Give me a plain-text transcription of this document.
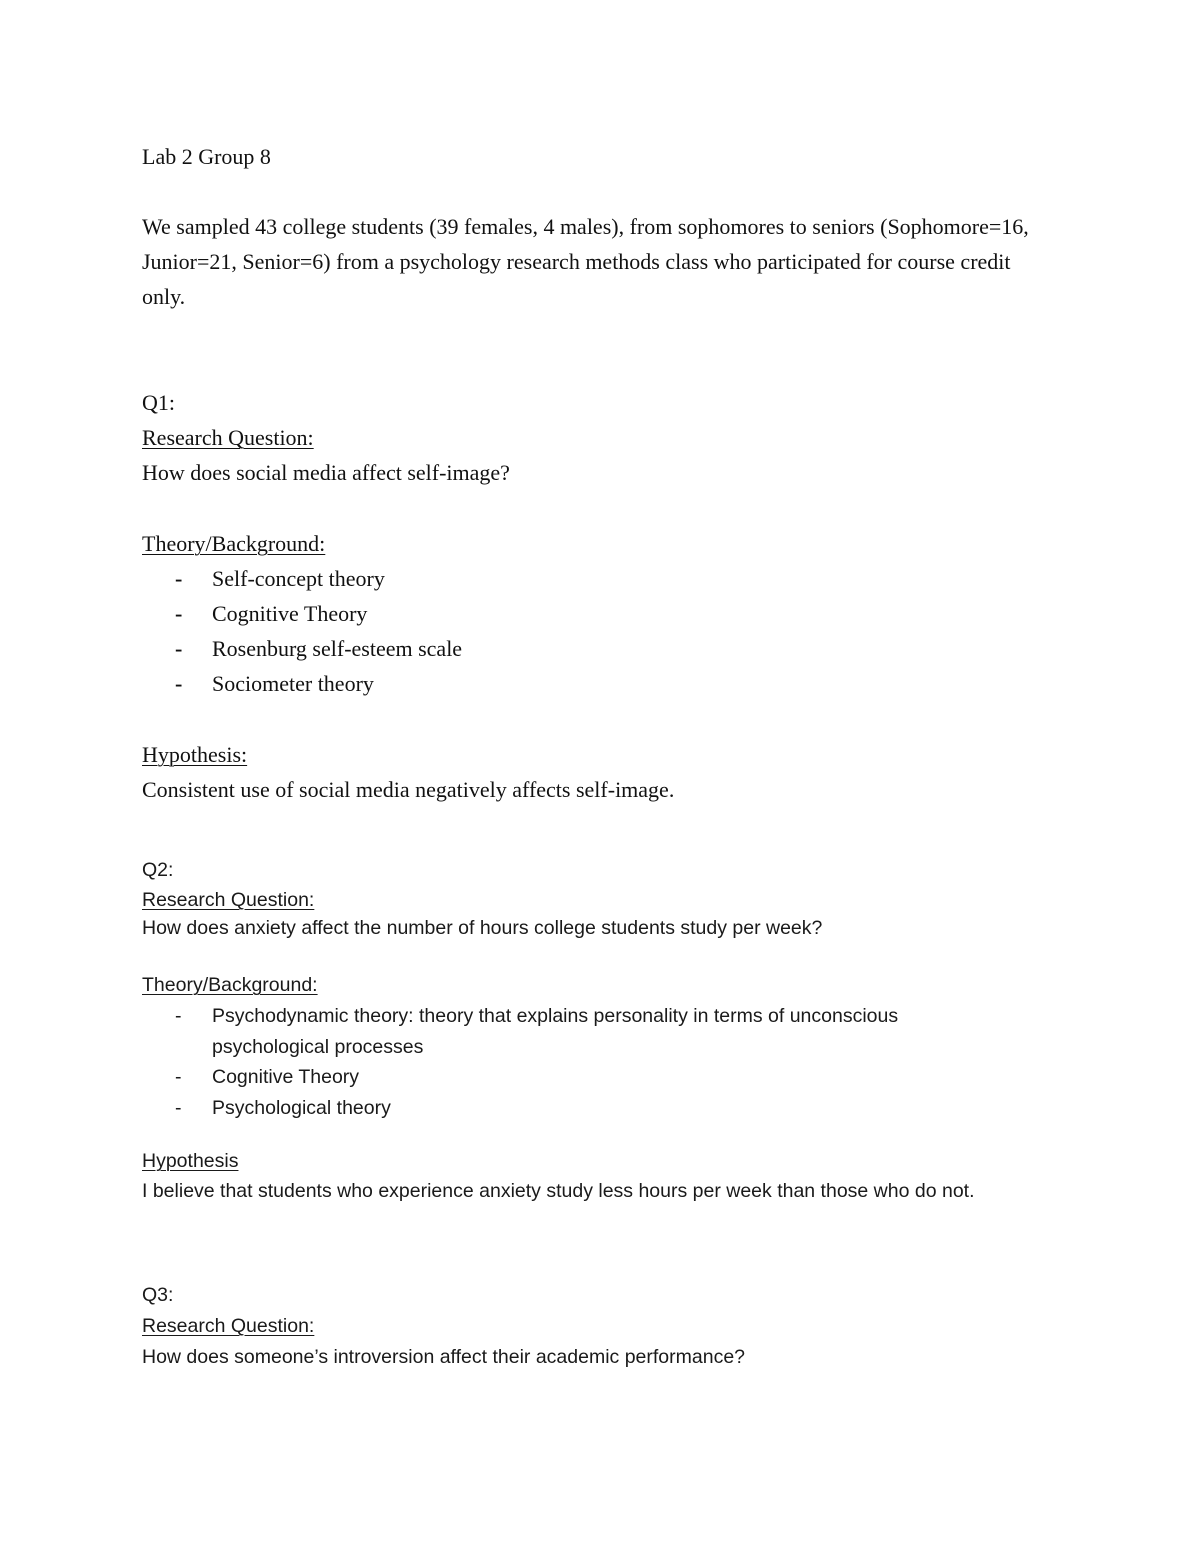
Lab 2 Group 8

We sampled 43 college students (39 females, 4 males), from sophomores to seniors (Sophomore=16, Junior=21, Senior=6) from a psychology research methods class who participated for course credit only.

Q1:

Research Question:

How does social media affect self-image?

Theory/Background:

- Self-concept theory
- Cognitive Theory
- Rosenburg self-esteem scale
- Sociometer theory

Hypothesis:

Consistent use of social media negatively affects self-image.

Q2:

Research Question:

How does anxiety affect the number of hours college students study per week?

Theory/Background:

- Psychodynamic theory: theory that explains personality in terms of unconscious psychological processes
- Cognitive Theory
- Psychological theory

Hypothesis

I believe that students who experience anxiety study less hours per week than those who do not.

Q3:

Research Question:

How does someone’s introversion affect their academic performance?
